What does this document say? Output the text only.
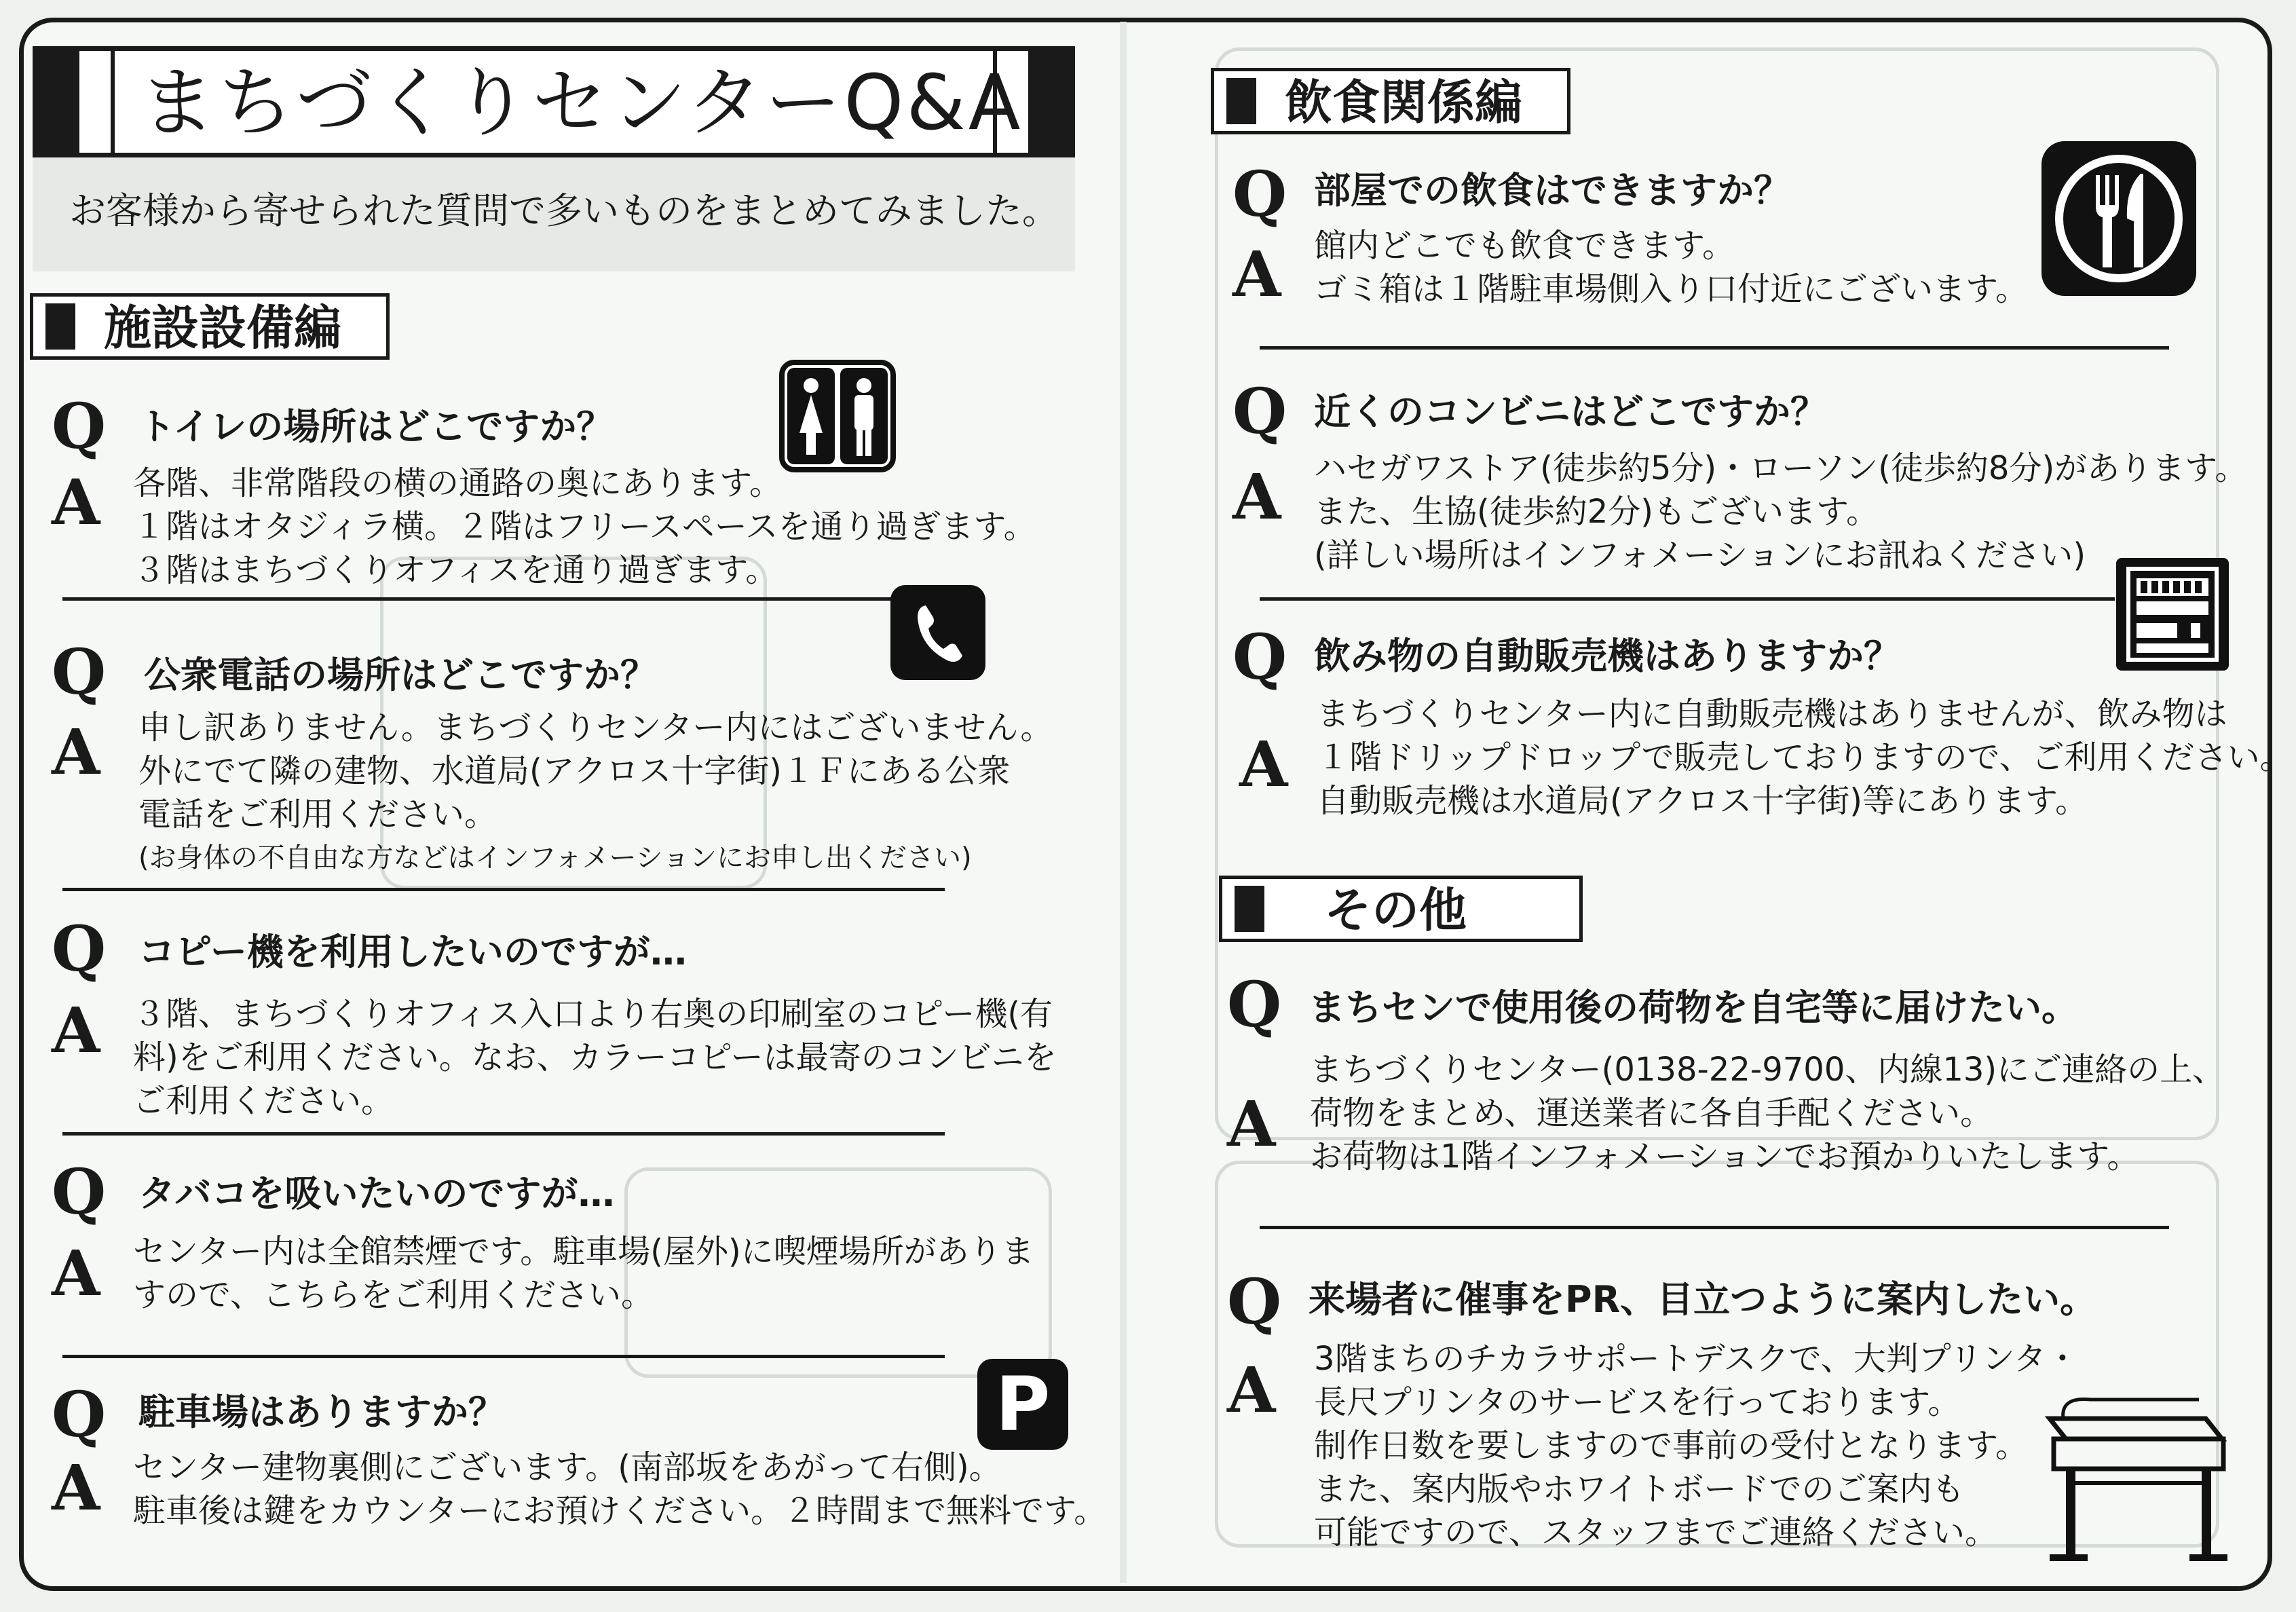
まちづくりセンターQ&A
お客様から寄せられた質問で多いものをまとめてみました。
施設設備編
Q トイレの場所はどこですか？
A 各階、非常階段の横の通路の奥にあります。
１階はオタジィラ横。２階はフリースペースを通り過ぎます。
３階はまちづくりオフィスを通り過ぎます。
Q 公衆電話の場所はどこですか？
A 申し訳ありません。まちづくりセンター内にはございません。
外にでて隣の建物、水道局(アクロス十字街)１Ｆにある公衆
電話をご利用ください。
(お身体の不自由な方などはインフォメーションにお申し出ください)
Q コピー機を利用したいのですが…
A ３階、まちづくりオフィス入口より右奥の印刷室のコピー機(有
料)をご利用ください。なお、カラーコピーは最寄のコンビニを
ご利用ください。
Q タバコを吸いたいのですが…
A センター内は全館禁煙です。駐車場(屋外)に喫煙場所がありま
すので、こちらをご利用ください。
P
Q 駐車場はありますか？
A センター建物裏側にございます。(南部坂をあがって右側)。
駐車後は鍵をカウンターにお預けください。２時間まで無料です。
飲食関係編
Q 部屋での飲食はできますか？
A 館内どこでも飲食できます。
ゴミ箱は１階駐車場側入り口付近にございます。
Q 近くのコンビニはどこですか？
A ハセガワストア(徒歩約5分)・ローソン(徒歩約8分)があります。
また、生協(徒歩約2分)もございます。
(詳しい場所はインフォメーションにお訊ねください)
Q 飲み物の自動販売機はありますか？
A
まちづくりセンター内に自動販売機はありませんが、飲み物は
１階ドリップドロップで販売しておりますので、ご利用ください。
自動販売機は水道局(アクロス十字街)等にあります。
その他
Q まちセンで使用後の荷物を自宅等に届けたい。
A
まちづくりセンター(0138-22-9700、内線13)にご連絡の上、
荷物をまとめ、運送業者に各自手配ください。
お荷物は1階インフォメーションでお預かりいたします。
Q 来場者に催事をPR、目立つように案内したい。
A 3階まちのチカラサポートデスクで、大判プリンタ・
長尺プリンタのサービスを行っております。
制作日数を要しますので事前の受付となります。
また、案内版やホワイトボードでのご案内も
可能ですので、スタッフまでご連絡ください。
